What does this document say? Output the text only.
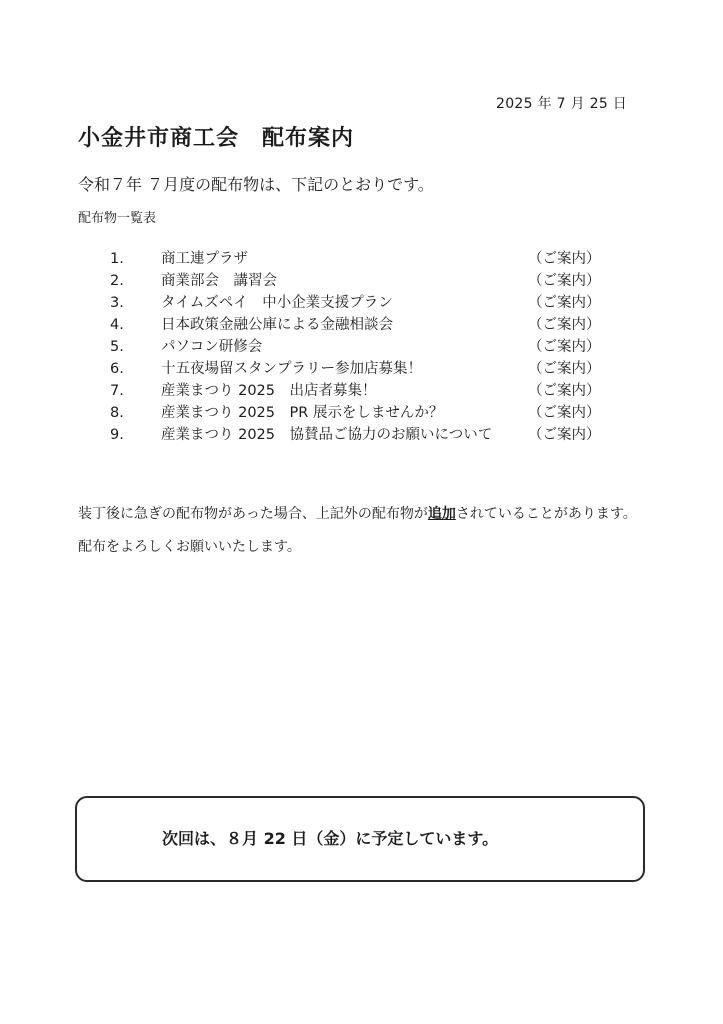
2025 年 7 月 25 日
小金井市商工会　配布案内
令和７年 ７月度の配布物は、下記のとおりです。
配布物一覧表
1.	商工連プラザ	（ご案内）
2.	商業部会　講習会	（ご案内）
3.	タイムズペイ　中小企業支援プラン	（ご案内）
4.	日本政策金融公庫による金融相談会	（ご案内）
5.	パソコン研修会	（ご案内）
6.	十五夜場留スタンプラリー参加店募集！	（ご案内）
7.	産業まつり 2025　出店者募集！	（ご案内）
8.	産業まつり 2025　PR 展示をしませんか？	（ご案内）
9.	産業まつり 2025　協賛品ご協力のお願いについて （ご案内）
装丁後に急ぎの配布物があった場合、上記外の配布物が追加されていることがあります。配布をよろしくお願いいたします。
次回は、８月 22 日（金）に予定しています。
